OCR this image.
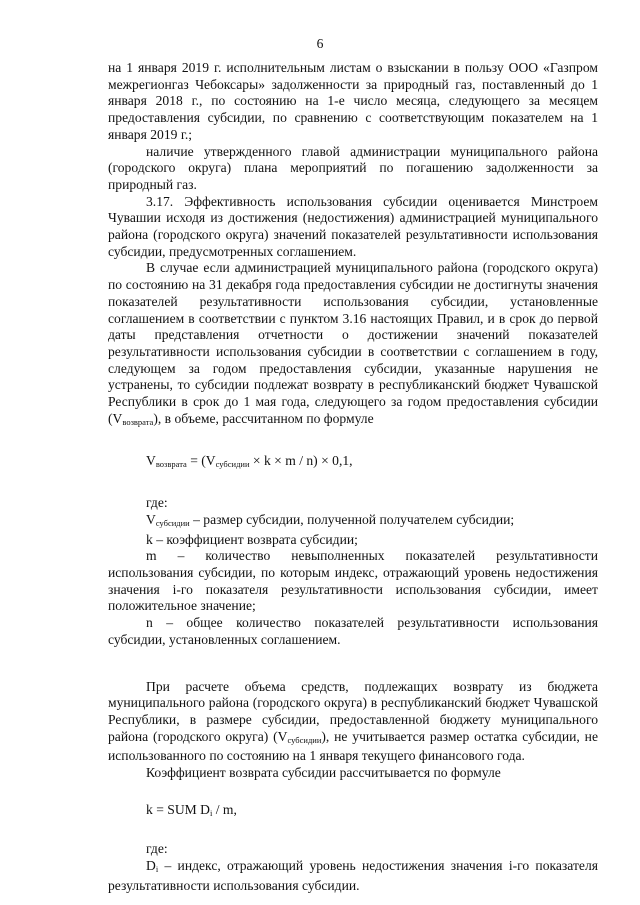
6

на 1 января 2019 г. исполнительным листам о взыскании в пользу ООО «Газпром межрегионгаз Чебоксары» задолженности за природный газ, поставленный до 1 января 2018 г., по состоянию на 1-е число месяца, следующего за месяцем предоставления субсидии, по сравнению с соответствующим показателем на 1 января 2019 г.;

наличие утвержденного главой администрации муниципального района (городского округа) плана мероприятий по погашению задолженности за природный газ.

3.17. Эффективность использования субсидии оценивается Минстроем Чувашии исходя из достижения (недостижения) администрацией муниципального района (городского округа) значений показателей результативности использования субсидии, предусмотренных соглашением.

В случае если администрацией муниципального района (городского округа) по состоянию на 31 декабря года предоставления субсидии не достигнуты значения показателей результативности использования субсидии, установленные соглашением в соответствии с пунктом 3.16 настоящих Правил, и в срок до первой даты представления отчетности о достижении значений показателей результативности использования субсидии в соответствии с соглашением в году, следующем за годом предоставления субсидии, указанные нарушения не устранены, то субсидии подлежат возврату в республиканский бюджет Чувашской Республики в срок до 1 мая года, следующего за годом предоставления субсидии $(V_{возврата})$, в объеме, рассчитанном по формуле

$V_{возврата} = (V_{субсидии} \times k \times m / n) \times 0,1$,

где:

$V_{субсидии}$ – размер субсидии, полученной получателем субсидии;

k – коэффициент возврата субсидии;

m – количество невыполненных показателей результативности использования субсидии, по которым индекс, отражающий уровень недостижения значения i-го показателя результативности использования субсидии, имеет положительное значение;

n – общее количество показателей результативности использования субсидии, установленных соглашением.

При расчете объема средств, подлежащих возврату из бюджета муниципального района (городского округа) в республиканский бюджет Чувашской Республики, в размере субсидии, предоставленной бюджету муниципального района (городского округа) $(V_{субсидии})$, не учитывается размер остатка субсидии, не использованного по состоянию на 1 января текущего финансового года.

Коэффициент возврата субсидии рассчитывается по формуле

k = SUM $D_i$ / m,

где:

$D_i$ – индекс, отражающий уровень недостижения значения i-го показателя результативности использования субсидии.
